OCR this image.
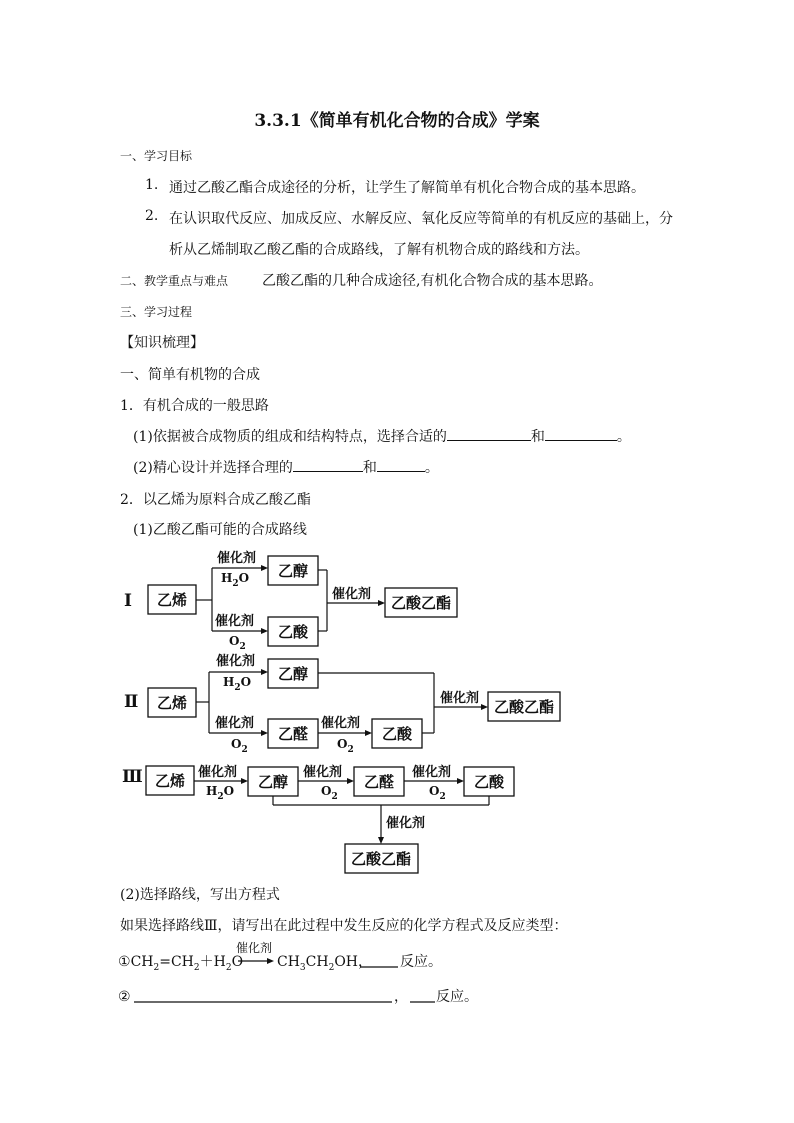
3.3.1《简单有机化合物的合成》学案
一、学习目标
1. 通过乙酸乙酯合成途径的分析，让学生了解简单有机化合物合成的基本思路。
2. 在认识取代反应、加成反应、水解反应、氧化反应等简单的有机反应的基础上，分
析从乙烯制取乙酸乙酯的合成路线，了解有机物合成的路线和方法。
二、教学重点与难点 乙酸乙酯的几种合成途径,有机化合物合成的基本思路。
三、学习过程
【知识梳理】
一、简单有机物的合成
1．有机合成的一般思路
(1)依据被合成物质的组成和结构特点，选择合适的	和	。
(2)精心设计并选择合理的	和	。
2．以乙烯为原料合成乙酸乙酯
(1)乙酸乙酯可能的合成路线
Ⅰ 乙烯
催化剂
$H_2O$
催化剂
$O_2$
乙醇
乙酸
催化剂 乙酸乙酯
Ⅱ 乙烯
催化剂
$H_2O$
催化剂
$O_2$
乙醇
乙醛
催化剂
$O_2$
乙酸
催化剂 乙酸乙酯
Ⅲ 乙烯 催化剂
$H_2O$ 乙醇
催化剂
$O_2$
乙醛
催化剂
$O_2$
乙酸
催化剂
乙酸乙酯
$①CH_2=CH_2+H_2O$
催化剂
$CH_3CH_2OH$， 反应。
②	， 反应。
(2)选择路线，写出方程式
如果选择路线Ⅲ，请写出在此过程中发生反应的化学方程式及反应类型：
